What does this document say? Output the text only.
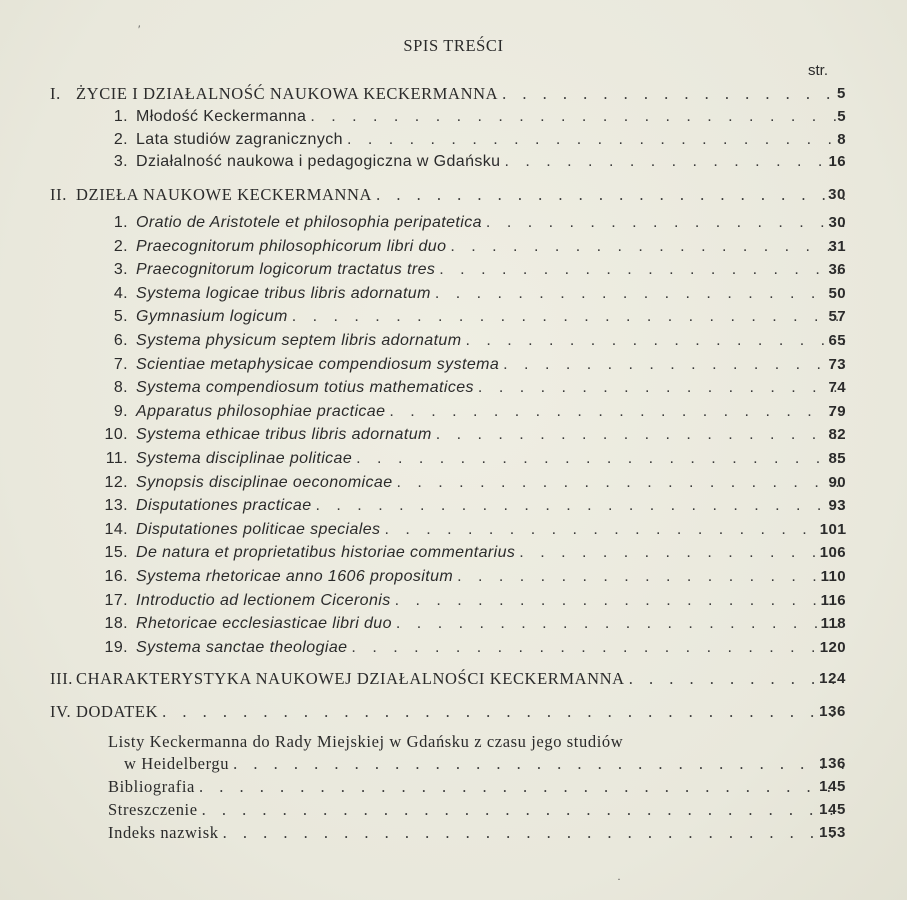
SPIS TREŚCI
str.
I. ŻYCIE I DZIAŁALNOŚĆ NAUKOWA KECKERMANNA . . .	5
1. Młodość Keckermanna . . .	5
2. Lata studiów zagranicznych . . .	8
3. Działalność naukowa i pedagogiczna w Gdańsku . . .	16
II. DZIEŁA NAUKOWE KECKERMANNA . . .	30
1. Oratio de Aristotele et philosophia peripatetica . . .	30
2. Praecognitorum philosophicorum libri duo . . .	31
3. Praecognitorum logicorum tractatus tres . . .	36
4. Systema logicae tribus libris adornatum . . .	50
5. Gymnasium logicum . . .	57
6. Systema physicum septem libris adornatum . . .	65
7. Scientiae metaphysicae compendiosum systema . . .	73
8. Systema compendiosum totius mathematices . . .	74
9. Apparatus philosophiae practicae . . .	79
10. Systema ethicae tribus libris adornatum . . .	82
11. Systema disciplinae politicae . . .	85
12. Synopsis disciplinae oeconomicae . . .	90
13. Disputationes practicae . . .	93
14. Disputationes politicae speciales . . .	101
15. De natura et proprietatibus historiae commentarius . . .	106
16. Systema rhetoricae anno 1606 propositum . . .	110
17. Introductio ad lectionem Ciceronis . . .	116
18. Rhetoricae ecclesiasticae libri duo . . .	118
19. Systema sanctae theologiae . . .	120
III. CHARAKTERYSTYKA NAUKOWEJ DZIAŁALNOŚCI KECKERMANNA . . .	124
IV. DODATEK . . .	136
Listy Keckermanna do Rady Miejskiej w Gdańsku z czasu jego studiów
w Heidelbergu . . .	136
Bibliografia . . .	145
Streszczenie . . .	145
Indeks nazwisk . . .	153
′
·
